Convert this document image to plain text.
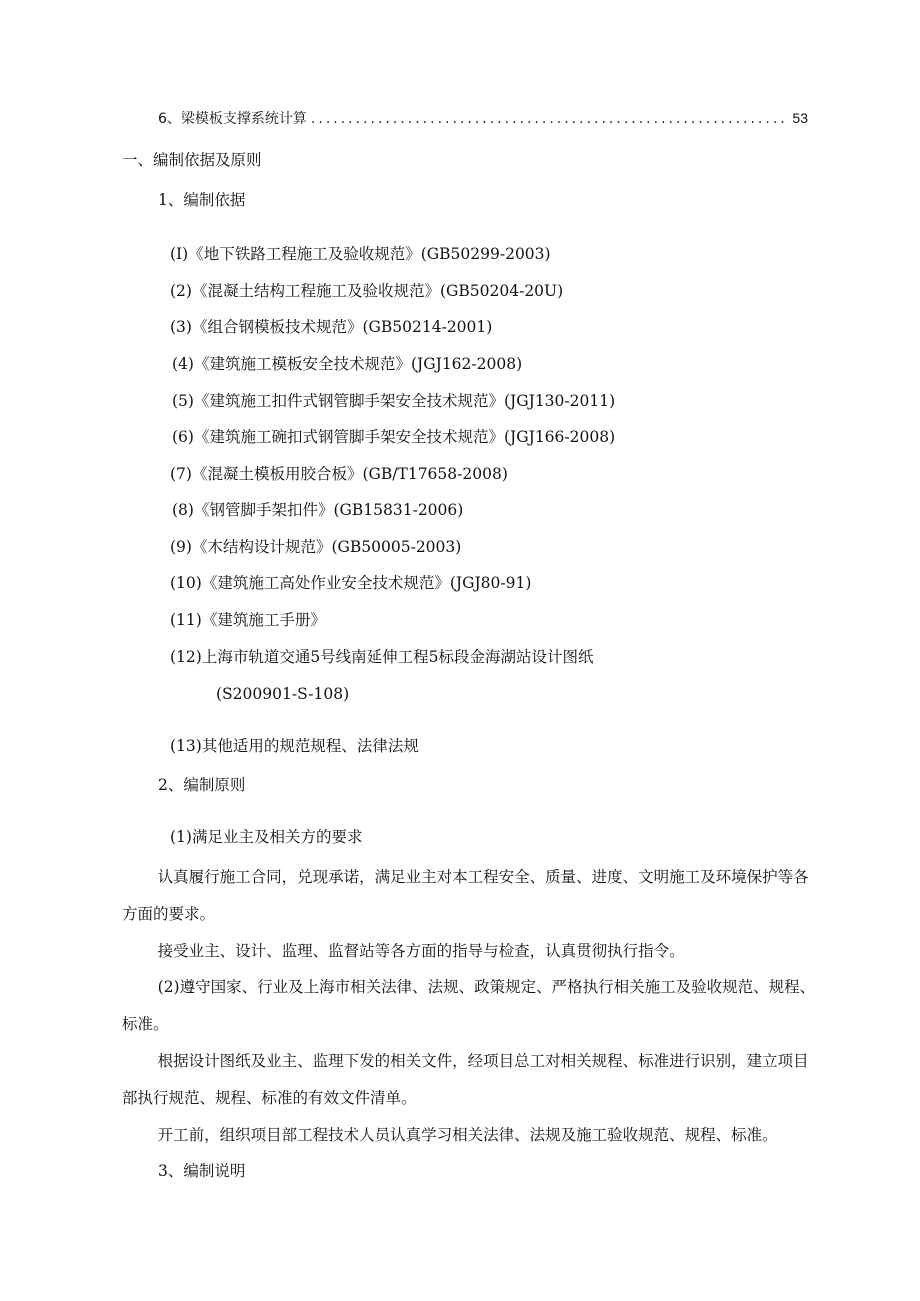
6、梁模板支撑系统计算
.....	53
一、编制依据及原则
1、编制依据
(I)《地下铁路工程施工及验收规范》(GB50299-2003)
(2)《混凝土结构工程施工及验收规范》(GB50204-20U)
(3)《组合钢模板技术规范》(GB50214-2001)
(4)《建筑施工模板安全技术规范》(JGJ162-2008)
(5)《建筑施工扣件式钢管脚手架安全技术规范》(JGJ130-2011)
(6)《建筑施工碗扣式钢管脚手架安全技术规范》(JGJ166-2008)
(7)《混凝土模板用胶合板》(GB/T17658-2008)
(8)《钢管脚手架扣件》(GB15831-2006)
(9)《木结构设计规范》(GB50005-2003)
(10)《建筑施工高处作业安全技术规范》(JGJ80-91)
(11)《建筑施工手册》
(12)上海市轨道交通5号线南延伸工程5标段金海湖站设计图纸
(S200901-S-108)
(13)其他适用的规范规程、法律法规
2、编制原则
(1)满足业主及相关方的要求
认真履行施工合同，兑现承诺，满足业主对本工程安全、质量、进度、文明施工及环境保护等各方面的要求。
接受业主、设计、监理、监督站等各方面的指导与检查，认真贯彻执行指令。
(2)遵守国家、行业及上海市相关法律、法规、政策规定、严格执行相关施工及验收规范、规程、标准。
根据设计图纸及业主、监理下发的相关文件，经项目总工对相关规程、标准进行识别，建立项目部执行规范、规程、标准的有效文件清单。
开工前，组织项目部工程技术人员认真学习相关法律、法规及施工验收规范、规程、标准。
3、编制说明
